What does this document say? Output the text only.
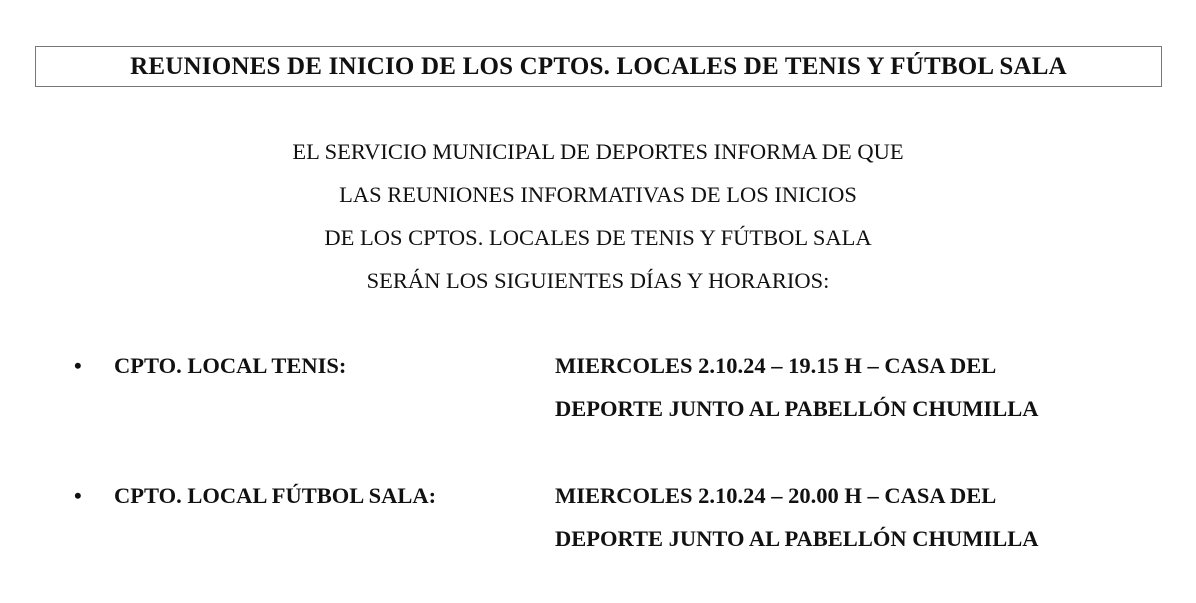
REUNIONES DE INICIO DE LOS CPTOS. LOCALES DE TENIS Y FÚTBOL SALA
EL SERVICIO MUNICIPAL DE DEPORTES INFORMA DE QUE
LAS REUNIONES INFORMATIVAS DE LOS INICIOS
DE LOS CPTOS. LOCALES DE TENIS Y FÚTBOL SALA
SERÁN LOS SIGUIENTES DÍAS Y HORARIOS:
• CPTO. LOCAL TENIS:	MIERCOLES 2.10.24 – 19.15 H – CASA DEL
DEPORTE JUNTO AL PABELLÓN CHUMILLA
• CPTO. LOCAL FÚTBOL SALA:	MIERCOLES 2.10.24 – 20.00 H – CASA DEL
DEPORTE JUNTO AL PABELLÓN CHUMILLA
